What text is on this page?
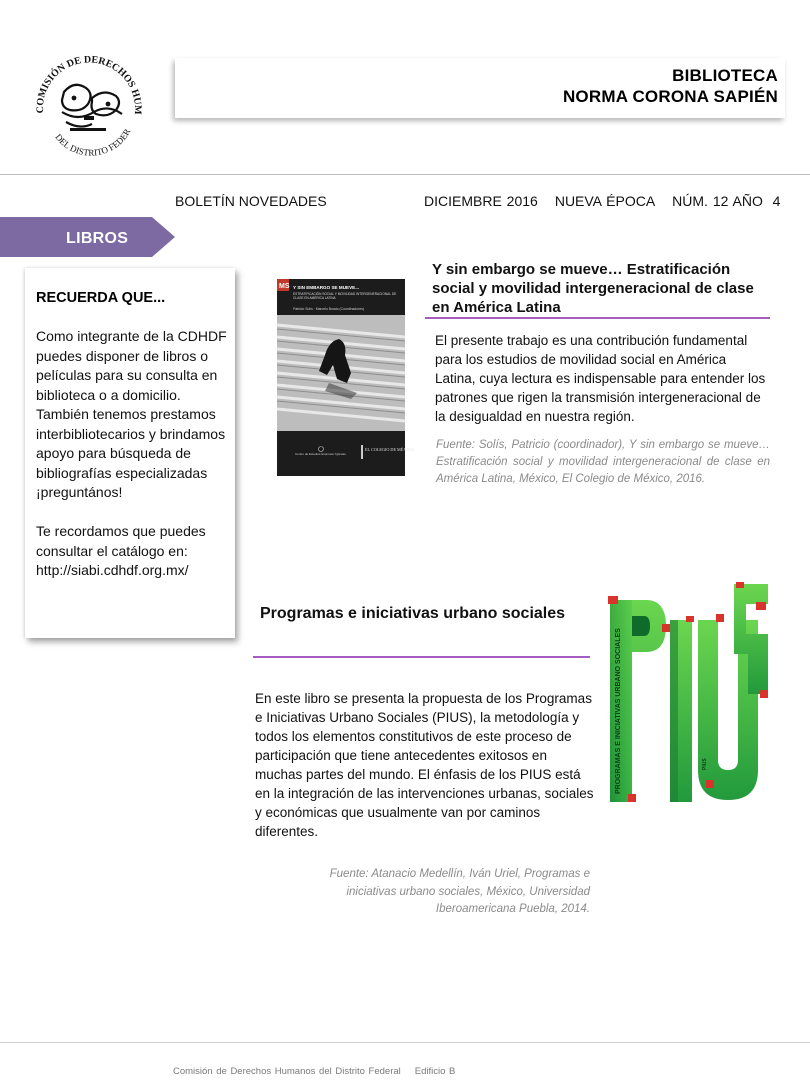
COMISIÓN DE DERECHOS HUM
DEL DISTRITO FEDER
BIBLIOTECA
NORMA CORONA SAPIÉN
BOLETÍN NOVEDADES	DICIEMBRE 2016 NUEVA ÉPOCA NÚM. 12 AÑO  4
LIBROS
RECUERDA QUE...

Como integrante de la CDHDF puedes disponer de libros o películas para su consulta en biblioteca o a domicilio. También tenemos prestamos interbibliotecarios y brindamos apoyo para búsqueda de bibliografías especializadas ¡preguntános!

Te recordamos que puedes consultar el catálogo en: http://siabi.cdhdf.org.mx/

MS Y SIN EMBARGO SE MUEVE...
ESTRATIFICACIÓN SOCIAL Y MOVILIDAD INTERGENERACIONAL DE CLASE EN AMÉRICA LATINA
Patricio Solís · Marcelo Boado (Coordinadores)
Centro de Estudios Espinosa Yglesias
EL COLEGIO DE MÉXICO
Y sin embargo se mueve… Estratificación social y movilidad intergeneracional de clase en América Latina
El presente trabajo es una contribución fundamental para los estudios de movilidad social en América Latina, cuya lectura es indispensable para entender los patrones que rigen la transmisión intergeneracional de la desigualdad en nuestra región.
Fuente: Solís, Patricio (coordinador), Y sin embargo se mueve… Estratificación social y movilidad intergeneracional de clase en América Latina, México, El Colegio de México, 2016.
Programas e iniciativas urbano sociales
En este libro se presenta la propuesta de los Programas e Iniciativas Urbano Sociales (PIUS), la metodología y todos los elementos constitutivos de este proceso de participación que tiene antecedentes exitosos en muchas partes del mundo. El énfasis de los PIUS está en la integración de las intervenciones urbanas, sociales y económicas que usualmente van por caminos diferentes.
Fuente: Atanacio Medellín, Iván Uriel, Programas e iniciativas urbano sociales, México, Universidad Iberoamericana Puebla, 2014.
PROGRAMAS E INICIATIVAS URBANO SOCIALES	PIUS
Comisión de Derechos Humanos del Distrito Federal Edificio B
